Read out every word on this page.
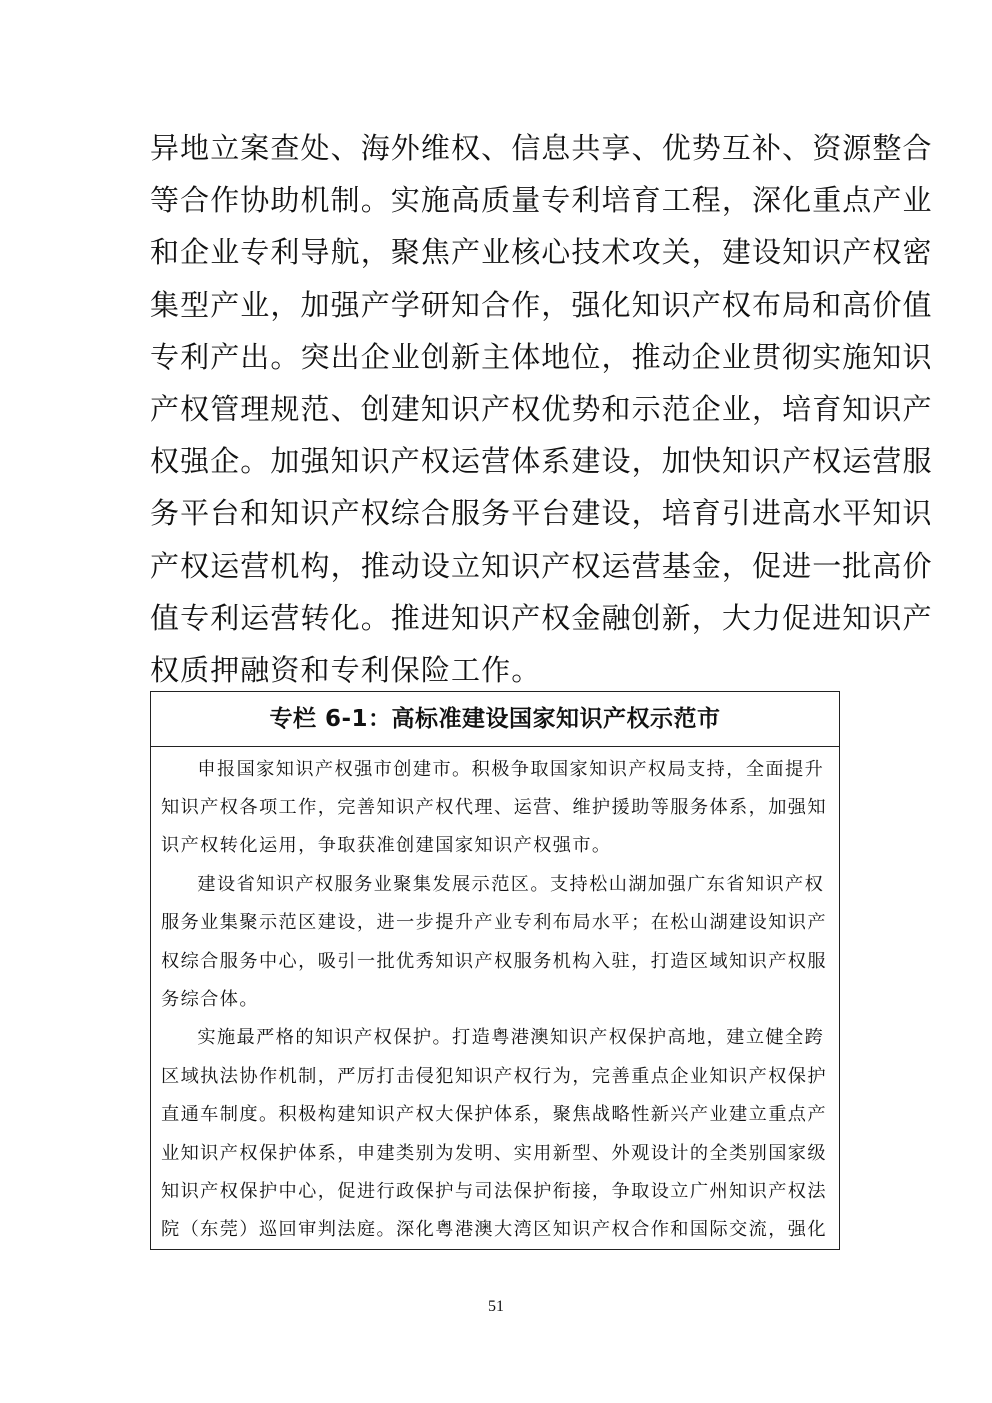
异地立案查处、海外维权、信息共享、优势互补、资源整合
等合作协助机制。实施高质量专利培育工程，深化重点产业
和企业专利导航，聚焦产业核心技术攻关，建设知识产权密
集型产业，加强产学研知合作，强化知识产权布局和高价值
专利产出。突出企业创新主体地位，推动企业贯彻实施知识
产权管理规范、创建知识产权优势和示范企业，培育知识产
权强企。加强知识产权运营体系建设，加快知识产权运营服
务平台和知识产权综合服务平台建设，培育引进高水平知识
产权运营机构，推动设立知识产权运营基金，促进一批高价
值专利运营转化。推进知识产权金融创新，大力促进知识产
权质押融资和专利保险工作。
专栏 6-1：高标准建设国家知识产权示范市
申报国家知识产权强市创建市。积极争取国家知识产权局支持，全面提升
知识产权各项工作，完善知识产权代理、运营、维护援助等服务体系，加强知
识产权转化运用，争取获准创建国家知识产权强市。
建设省知识产权服务业聚集发展示范区。支持松山湖加强广东省知识产权
服务业集聚示范区建设，进一步提升产业专利布局水平；在松山湖建设知识产
权综合服务中心，吸引一批优秀知识产权服务机构入驻，打造区域知识产权服
务综合体。
实施最严格的知识产权保护。打造粤港澳知识产权保护高地，建立健全跨
区域执法协作机制，严厉打击侵犯知识产权行为，完善重点企业知识产权保护
直通车制度。积极构建知识产权大保护体系，聚焦战略性新兴产业建立重点产
业知识产权保护体系，申建类别为发明、实用新型、外观设计的全类别国家级
知识产权保护中心，促进行政保护与司法保护衔接，争取设立广州知识产权法
院（东莞）巡回审判法庭。深化粤港澳大湾区知识产权合作和国际交流，强化
51
